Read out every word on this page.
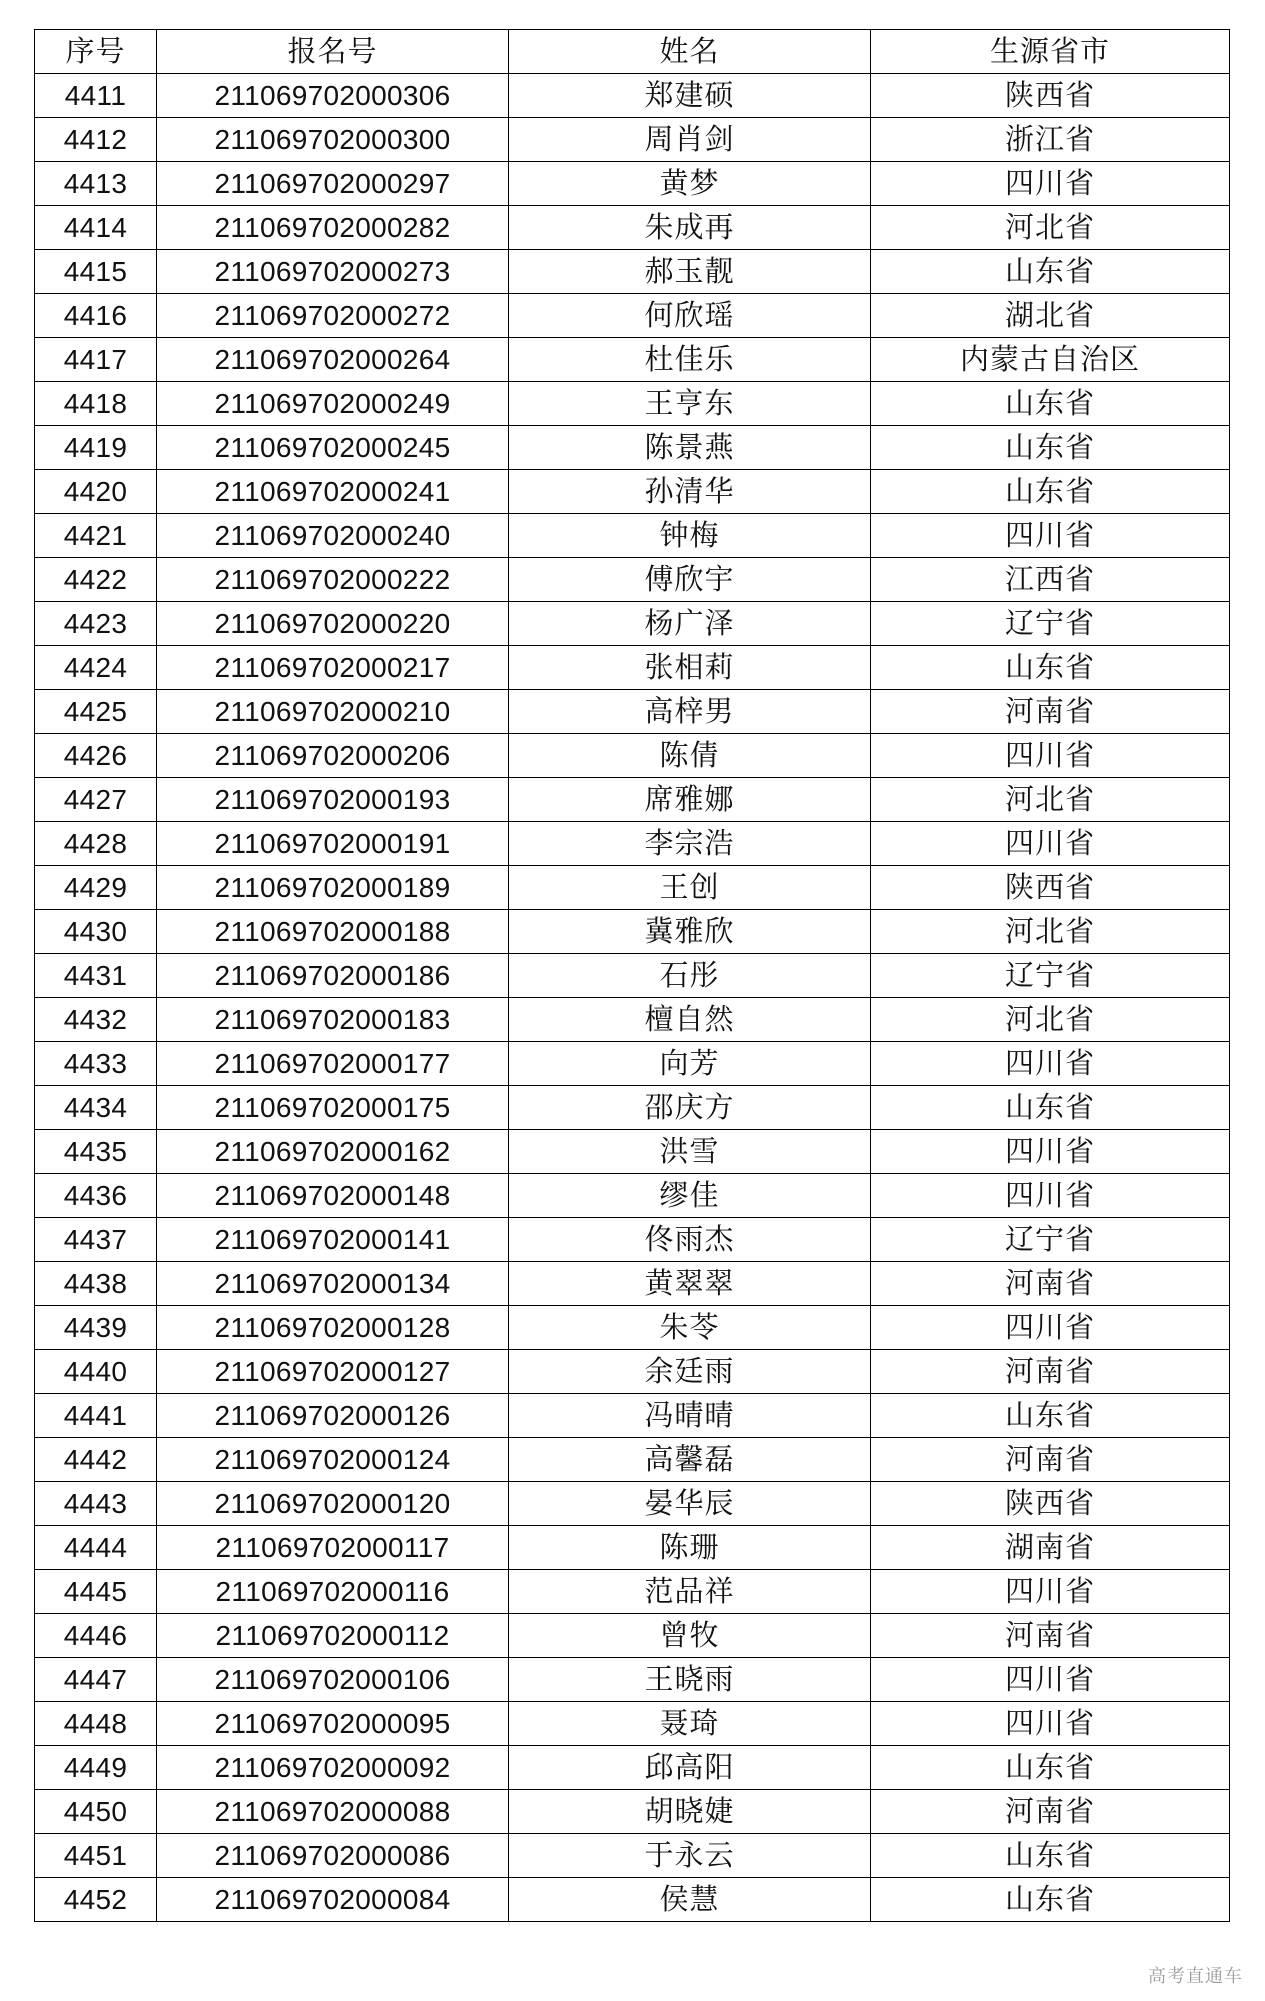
序号	报名号	姓名	生源省市
4411	211069702000306	郑建硕	陕西省
4412	211069702000300	周肖剑	浙江省
4413	211069702000297	黄梦	四川省
4414	211069702000282	朱成再	河北省
4415	211069702000273	郝玉靓	山东省
4416	211069702000272	何欣瑶	湖北省
4417	211069702000264	杜佳乐	内蒙古自治区
4418	211069702000249	王亨东	山东省
4419	211069702000245	陈景燕	山东省
4420	211069702000241	孙清华	山东省
4421	211069702000240	钟梅	四川省
4422	211069702000222	傅欣宇	江西省
4423	211069702000220	杨广泽	辽宁省
4424	211069702000217	张相莉	山东省
4425	211069702000210	高梓男	河南省
4426	211069702000206	陈倩	四川省
4427	211069702000193	席雅娜	河北省
4428	211069702000191	李宗浩	四川省
4429	211069702000189	王创	陕西省
4430	211069702000188	冀雅欣	河北省
4431	211069702000186	石彤	辽宁省
4432	211069702000183	檀自然	河北省
4433	211069702000177	向芳	四川省
4434	211069702000175	邵庆方	山东省
4435	211069702000162	洪雪	四川省
4436	211069702000148	缪佳	四川省
4437	211069702000141	佟雨杰	辽宁省
4438	211069702000134	黄翠翠	河南省
4439	211069702000128	朱苓	四川省
4440	211069702000127	余廷雨	河南省
4441	211069702000126	冯晴晴	山东省
4442	211069702000124	高馨磊	河南省
4443	211069702000120	晏华辰	陕西省
4444	211069702000117	陈珊	湖南省
4445	211069702000116	范品祥	四川省
4446	211069702000112	曾牧	河南省
4447	211069702000106	王晓雨	四川省
4448	211069702000095	聂琦	四川省
4449	211069702000092	邱高阳	山东省
4450	211069702000088	胡晓婕	河南省
4451	211069702000086	于永云	山东省
4452	211069702000084	侯慧	山东省
高考直通车
